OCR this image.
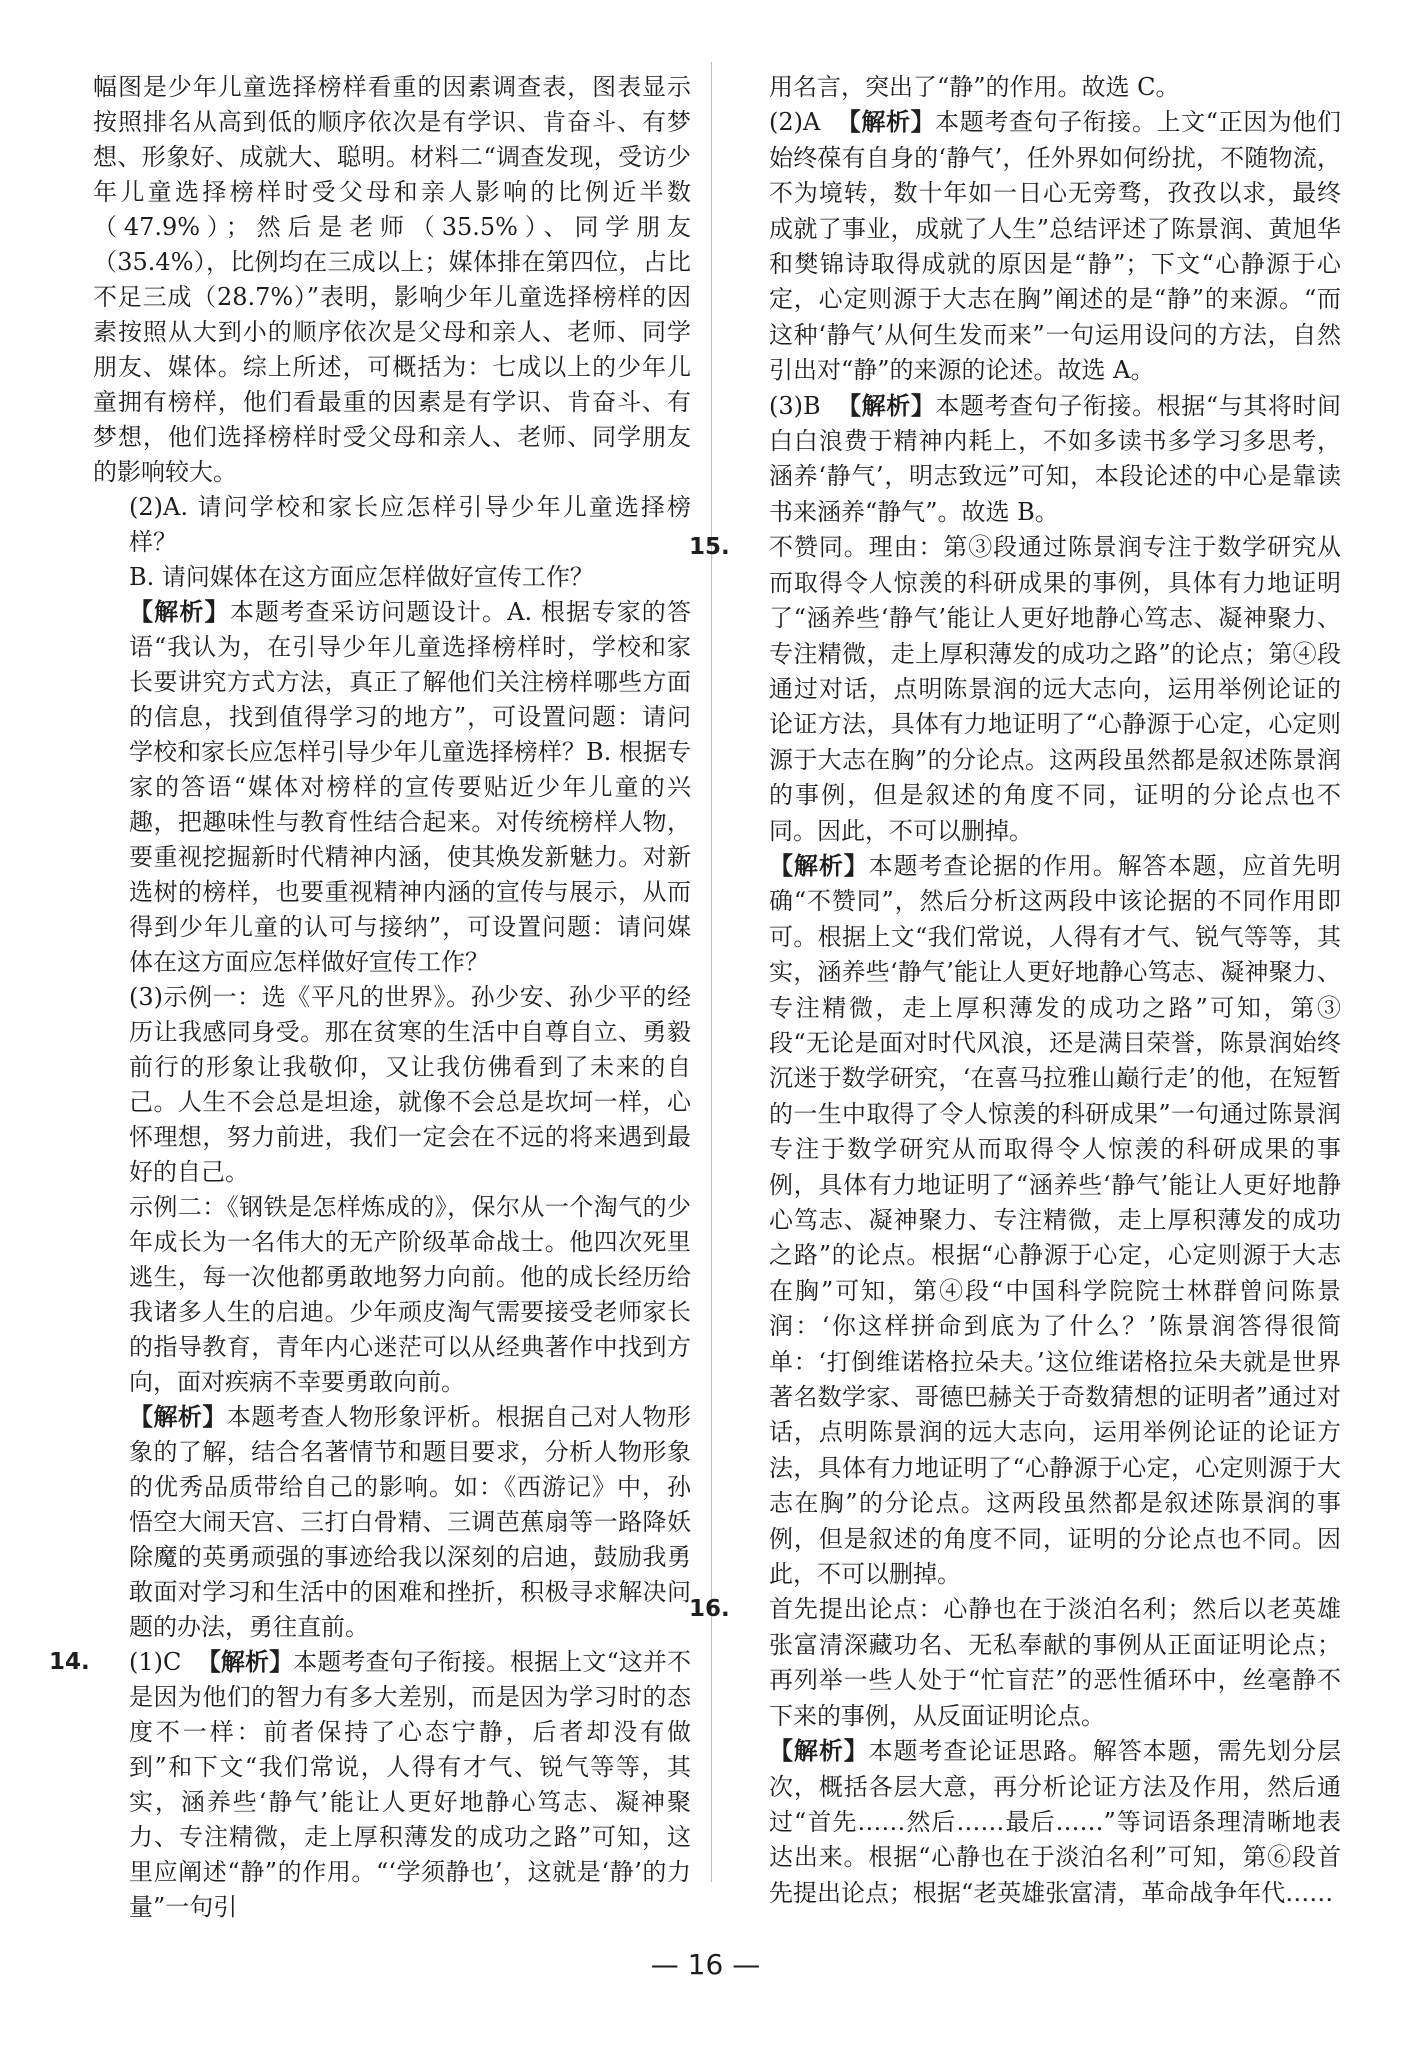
幅图是少年儿童选择榜样看重的因素调查表，图表显示按照排名从高到低的顺序依次是有学识、肯奋斗、有梦想、形象好、成就大、聪明。材料二“调查发现，受访少年儿童选择榜样时受父母和亲人影响的比例近半数（47.9%）；然后是老师（35.5%）、同学朋友（35.4%），比例均在三成以上；媒体排在第四位，占比不足三成（28.7%）”表明，影响少年儿童选择榜样的因素按照从大到小的顺序依次是父母和亲人、老师、同学朋友、媒体。综上所述，可概括为：七成以上的少年儿童拥有榜样，他们看最重的因素是有学识、肯奋斗、有梦想，他们选择榜样时受父母和亲人、老师、同学朋友的影响较大。

(2)A. 请问学校和家长应怎样引导少年儿童选择榜样？

B. 请问媒体在这方面应怎样做好宣传工作？

【解析】本题考查采访问题设计。A. 根据专家的答语“我认为，在引导少年儿童选择榜样时，学校和家长要讲究方式方法，真正了解他们关注榜样哪些方面的信息，找到值得学习的地方”，可设置问题：请问学校和家长应怎样引导少年儿童选择榜样？B. 根据专家的答语“媒体对榜样的宣传要贴近少年儿童的兴趣，把趣味性与教育性结合起来。对传统榜样人物，要重视挖掘新时代精神内涵，使其焕发新魅力。对新选树的榜样，也要重视精神内涵的宣传与展示，从而得到少年儿童的认可与接纳”，可设置问题：请问媒体在这方面应怎样做好宣传工作？

(3)示例一：选《平凡的世界》。孙少安、孙少平的经历让我感同身受。那在贫寒的生活中自尊自立、勇毅前行的形象让我敬仰，又让我仿佛看到了未来的自己。人生不会总是坦途，就像不会总是坎坷一样，心怀理想，努力前进，我们一定会在不远的将来遇到最好的自己。

示例二：《钢铁是怎样炼成的》，保尔从一个淘气的少年成长为一名伟大的无产阶级革命战士。他四次死里逃生，每一次他都勇敢地努力向前。他的成长经历给我诸多人生的启迪。少年顽皮淘气需要接受老师家长的指导教育，青年内心迷茫可以从经典著作中找到方向，面对疾病不幸要勇敢向前。

【解析】本题考查人物形象评析。根据自己对人物形象的了解，结合名著情节和题目要求，分析人物形象的优秀品质带给自己的影响。如：《西游记》中，孙悟空大闹天宫、三打白骨精、三调芭蕉扇等一路降妖除魔的英勇顽强的事迹给我以深刻的启迪，鼓励我勇敢面对学习和生活中的困难和挫折，积极寻求解决问题的办法，勇往直前。

14. (1)C 【解析】本题考查句子衔接。根据上文“这并不是因为他们的智力有多大差别，而是因为学习时的态度不一样：前者保持了心态宁静，后者却没有做到”和下文“我们常说，人得有才气、锐气等等，其实，涵养些‘静气’能让人更好地静心笃志、凝神聚力、专注精微，走上厚积薄发的成功之路”可知，这里应阐述“静”的作用。“‘学须静也’，这就是‘静’的力量”一句引

用名言，突出了“静”的作用。故选 C。

(2)A 【解析】本题考查句子衔接。上文“正因为他们始终葆有自身的‘静气’，任外界如何纷扰，不随物流，不为境转，数十年如一日心无旁骛，孜孜以求，最终成就了事业，成就了人生”总结评述了陈景润、黄旭华和樊锦诗取得成就的原因是“静”；下文“心静源于心定，心定则源于大志在胸”阐述的是“静”的来源。“而这种‘静气’从何生发而来”一句运用设问的方法，自然引出对“静”的来源的论述。故选 A。

(3)B 【解析】本题考查句子衔接。根据“与其将时间白白浪费于精神内耗上，不如多读书多学习多思考，涵养‘静气’，明志致远”可知，本段论述的中心是靠读书来涵养“静气”。故选 B。

15. 不赞同。理由：第③段通过陈景润专注于数学研究从而取得令人惊羡的科研成果的事例，具体有力地证明了“涵养些‘静气’能让人更好地静心笃志、凝神聚力、专注精微，走上厚积薄发的成功之路”的论点；第④段通过对话，点明陈景润的远大志向，运用举例论证的论证方法，具体有力地证明了“心静源于心定，心定则源于大志在胸”的分论点。这两段虽然都是叙述陈景润的事例，但是叙述的角度不同，证明的分论点也不同。因此，不可以删掉。

【解析】本题考查论据的作用。解答本题，应首先明确“不赞同”，然后分析这两段中该论据的不同作用即可。根据上文“我们常说，人得有才气、锐气等等，其实，涵养些‘静气’能让人更好地静心笃志、凝神聚力、专注精微，走上厚积薄发的成功之路”可知，第③段“无论是面对时代风浪，还是满目荣誉，陈景润始终沉迷于数学研究，‘在喜马拉雅山巅行走’的他，在短暂的一生中取得了令人惊羡的科研成果”一句通过陈景润专注于数学研究从而取得令人惊羡的科研成果的事例，具体有力地证明了“涵养些‘静气’能让人更好地静心笃志、凝神聚力、专注精微，走上厚积薄发的成功之路”的论点。根据“心静源于心定，心定则源于大志在胸”可知，第④段“中国科学院院士林群曾问陈景润：‘你这样拼命到底为了什么？’陈景润答得很简单：‘打倒维诺格拉朵夫。’这位维诺格拉朵夫就是世界著名数学家、哥德巴赫关于奇数猜想的证明者”通过对话，点明陈景润的远大志向，运用举例论证的论证方法，具体有力地证明了“心静源于心定，心定则源于大志在胸”的分论点。这两段虽然都是叙述陈景润的事例，但是叙述的角度不同，证明的分论点也不同。因此，不可以删掉。

16. 首先提出论点：心静也在于淡泊名利；然后以老英雄张富清深藏功名、无私奉献的事例从正面证明论点；再列举一些人处于“忙盲茫”的恶性循环中，丝毫静不下来的事例，从反面证明论点。

【解析】本题考查论证思路。解答本题，需先划分层次，概括各层大意，再分析论证方法及作用，然后通过“首先……然后……最后……”等词语条理清晰地表达出来。根据“心静也在于淡泊名利”可知，第⑥段首先提出论点；根据“老英雄张富清，革命战争年代……

— 16 —
